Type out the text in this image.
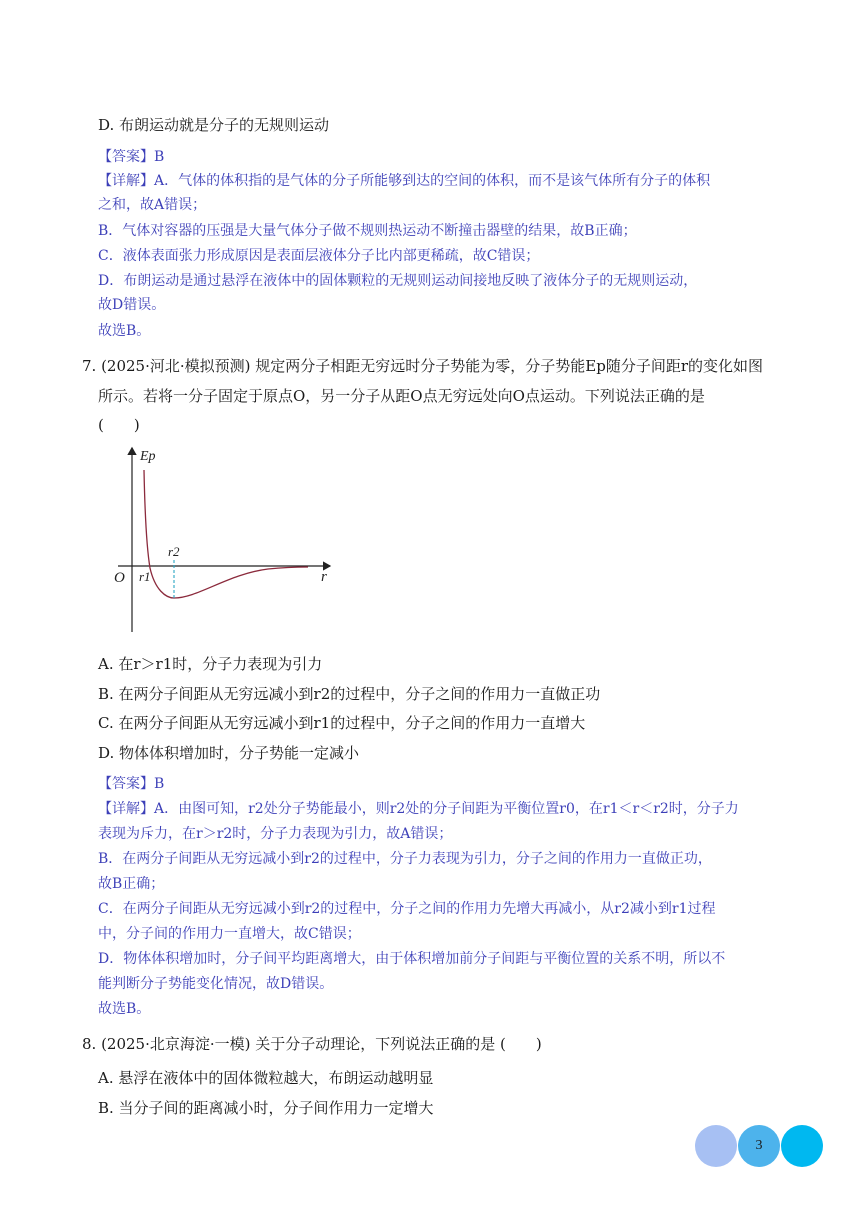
D. 布朗运动就是分子的无规则运动
【答案】B
【详解】A．气体的体积指的是气体的分子所能够到达的空间的体积，而不是该气体所有分子的体积
之和，故A错误；
B．气体对容器的压强是大量气体分子做不规则热运动不断撞击器壁的结果，故B正确；
C．液体表面张力形成原因是表面层液体分子比内部更稀疏，故C错误；
D．布朗运动是通过悬浮在液体中的固体颗粒的无规则运动间接地反映了液体分子的无规则运动，
故D错误。
故选B。
7. (2025·河北·模拟预测) 规定两分子相距无穷远时分子势能为零，分子势能Ep随分子间距r的变化如图
所示。若将一分子固定于原点O，另一分子从距O点无穷远处向O点运动。下列说法正确的是
(　　)
Ep
r
O r1
r2
A. 在r＞r1时，分子力表现为引力
B. 在两分子间距从无穷远减小到r2的过程中，分子之间的作用力一直做正功
C. 在两分子间距从无穷远减小到r1的过程中，分子之间的作用力一直增大
D. 物体体积增加时，分子势能一定减小
【答案】B
【详解】A．由图可知，r2处分子势能最小，则r2处的分子间距为平衡位置r0，在r1＜r＜r2时，分子力
表现为斥力，在r＞r2时，分子力表现为引力，故A错误；
B．在两分子间距从无穷远减小到r2的过程中，分子力表现为引力，分子之间的作用力一直做正功，
故B正确；
C．在两分子间距从无穷远减小到r2的过程中，分子之间的作用力先增大再减小，从r2减小到r1过程
中，分子间的作用力一直增大，故C错误；
D．物体体积增加时，分子间平均距离增大，由于体积增加前分子间距与平衡位置的关系不明，所以不
能判断分子势能变化情况，故D错误。
故选B。
8. (2025·北京海淀·一模) 关于分子动理论，下列说法正确的是 (　　)
A. 悬浮在液体中的固体微粒越大，布朗运动越明显
B. 当分子间的距离减小时，分子间作用力一定增大
3
